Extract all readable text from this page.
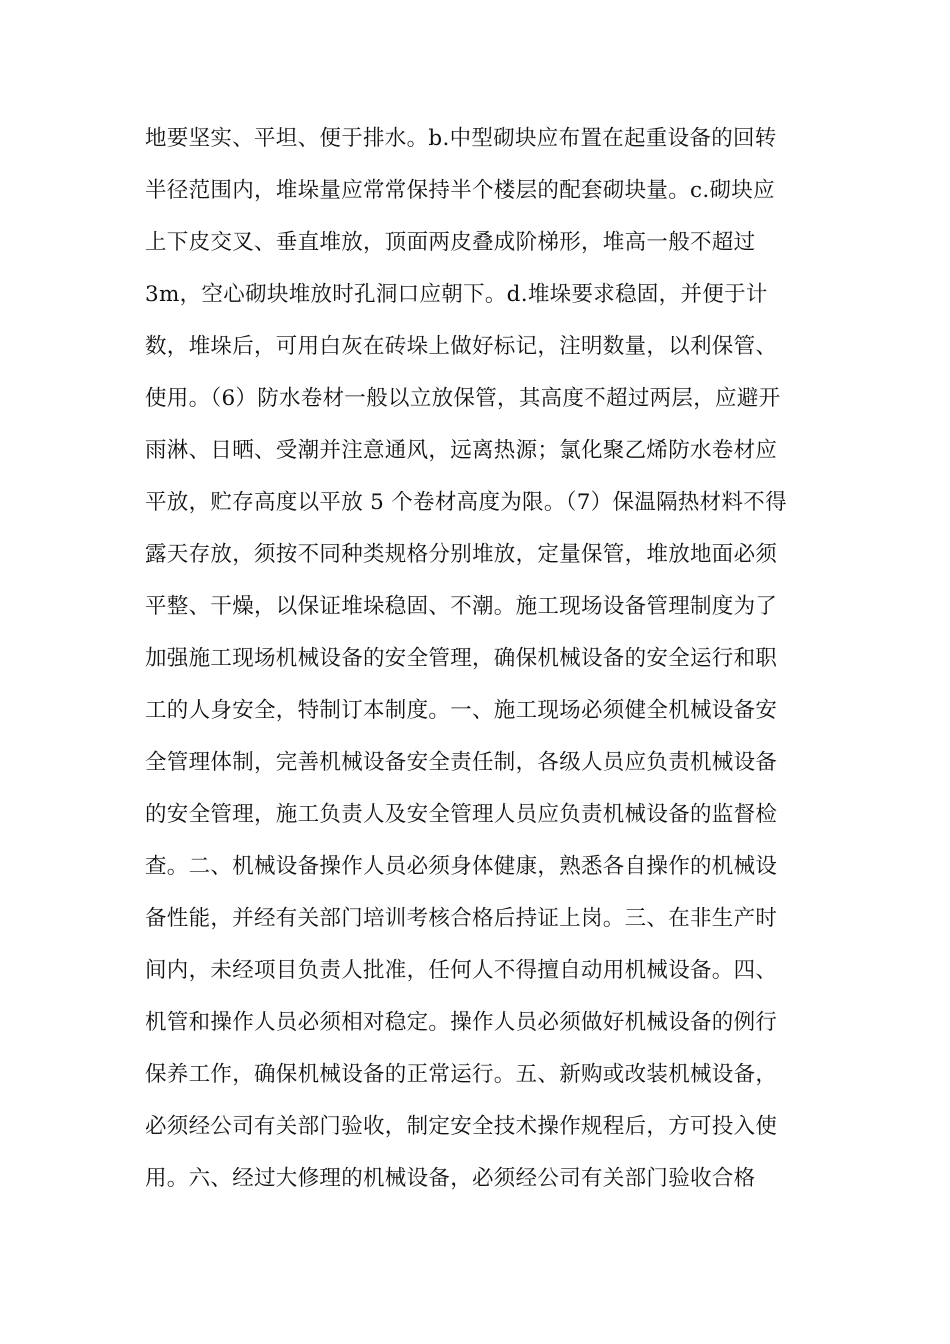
地要坚实、平坦、便于排水。b.中型砌块应布置在起重设备的回转
半径范围内，堆垛量应常常保持半个楼层的配套砌块量。c.砌块应
上下皮交叉、垂直堆放，顶面两皮叠成阶梯形，堆高一般不超过
3m，空心砌块堆放时孔洞口应朝下。d.堆垛要求稳固，并便于计
数，堆垛后，可用白灰在砖垛上做好标记，注明数量，以利保管、
使用。（6）防水卷材一般以立放保管，其高度不超过两层，应避开
雨淋、日晒、受潮并注意通风，远离热源；氯化聚乙烯防水卷材应
平放，贮存高度以平放 5 个卷材高度为限。（7）保温隔热材料不得
露天存放，须按不同种类规格分别堆放，定量保管，堆放地面必须
平整、干燥，以保证堆垛稳固、不潮。施工现场设备管理制度为了
加强施工现场机械设备的安全管理，确保机械设备的安全运行和职
工的人身安全，特制订本制度。一、施工现场必须健全机械设备安
全管理体制，完善机械设备安全责任制，各级人员应负责机械设备
的安全管理，施工负责人及安全管理人员应负责机械设备的监督检
查。二、机械设备操作人员必须身体健康，熟悉各自操作的机械设
备性能，并经有关部门培训考核合格后持证上岗。三、在非生产时
间内，未经项目负责人批准，任何人不得擅自动用机械设备。四、
机管和操作人员必须相对稳定。操作人员必须做好机械设备的例行
保养工作，确保机械设备的正常运行。五、新购或改装机械设备，
必须经公司有关部门验收，制定安全技术操作规程后，方可投入使
用。六、经过大修理的机械设备，必须经公司有关部门验收合格
